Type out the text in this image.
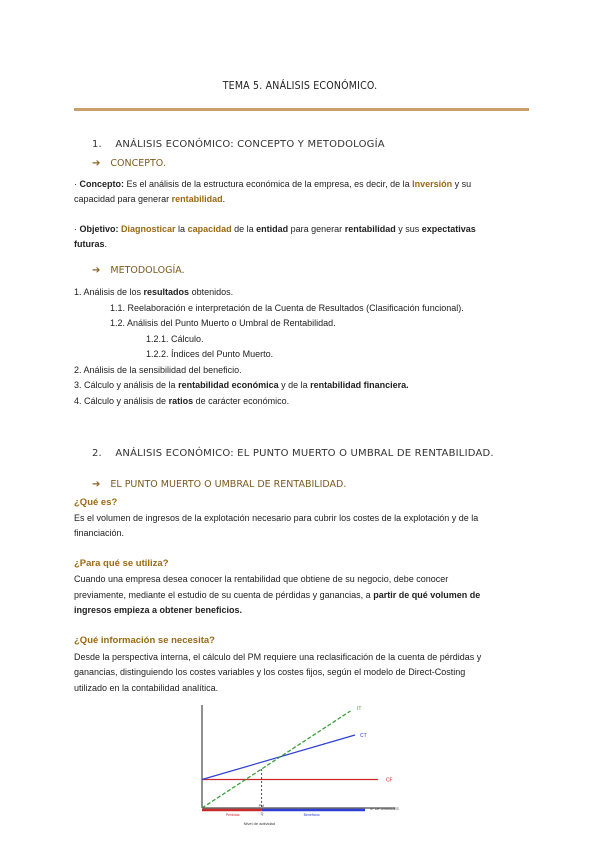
TEMA 5. ANÁLISIS ECONÓMICO.
1. ANÁLISIS ECONÓMICO: CONCEPTO Y METODOLOGÍA
➔ CONCEPTO.
· Concepto: Es el análisis de la estructura económica de la empresa, es decir, de la Inversión y su
capacidad para generar rentabilidad.
· Objetivo: Diagnosticar la capacidad de la entidad para generar rentabilidad y sus expectativas
futuras.
➔ METODOLOGÍA.
1. Análisis de los resultados obtenidos.
1.1. Reelaboración e interpretación de la Cuenta de Resultados (Clasificación funcional).
1.2. Análisis del Punto Muerto o Umbral de Rentabilidad.
1.2.1. Cálculo.
1.2.2. Índices del Punto Muerto.
2. Análisis de la sensibilidad del beneficio.
3. Cálculo y análisis de la rentabilidad económica y de la rentabilidad financiera.
4. Cálculo y análisis de ratios de carácter económico.
2. ANÁLISIS ECONÓMICO: EL PUNTO MUERTO O UMBRAL DE RENTABILIDAD.
➔ EL PUNTO MUERTO O UMBRAL DE RENTABILIDAD.
¿Qué es?
Es el volumen de ingresos de la explotación necesario para cubrir los costes de la explotación y de la
financiación.
¿Para qué se utiliza?
Cuando una empresa desea conocer la rentabilidad que obtiene de su negocio, debe conocer
previamente, mediante el estudio de su cuenta de pérdidas y ganancias, a partir de qué volumen de
ingresos empieza a obtener beneficios.
¿Qué información se necesita?
Desde la perspectiva interna, el cálculo del PM requiere una reclasificación de la cuenta de pérdidas y
ganancias, distinguiendo los costes variables y los costes fijos, según el modelo de Direct-Costing
utilizado en la contabilidad analítica.
IT
CT
CF
PM
Q
Pérdidas	Beneficios
Nº DE UNIDADES
Nivel de actividad
